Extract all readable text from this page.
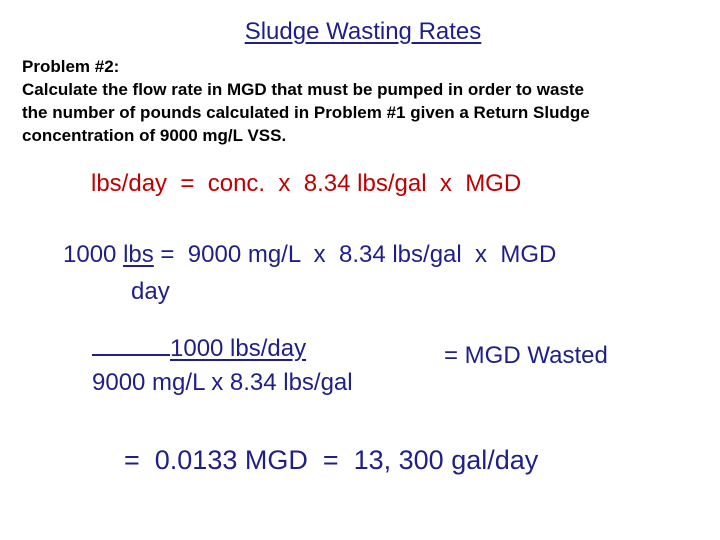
Sludge Wasting Rates
Problem #2:
Calculate the flow rate in MGD that must be pumped in order to waste
the number of pounds calculated in Problem #1 given a Return Sludge
concentration of 9000 mg/L VSS.
lbs/day  =  conc.  x  8.34 lbs/gal  x  MGD
1000 lbs =  9000 mg/L  x  8.34 lbs/gal  x  MGD
day
1000 lbs/day
9000 mg/L x 8.34 lbs/gal
= MGD Wasted
=  0.0133 MGD  =  13, 300 gal/day
